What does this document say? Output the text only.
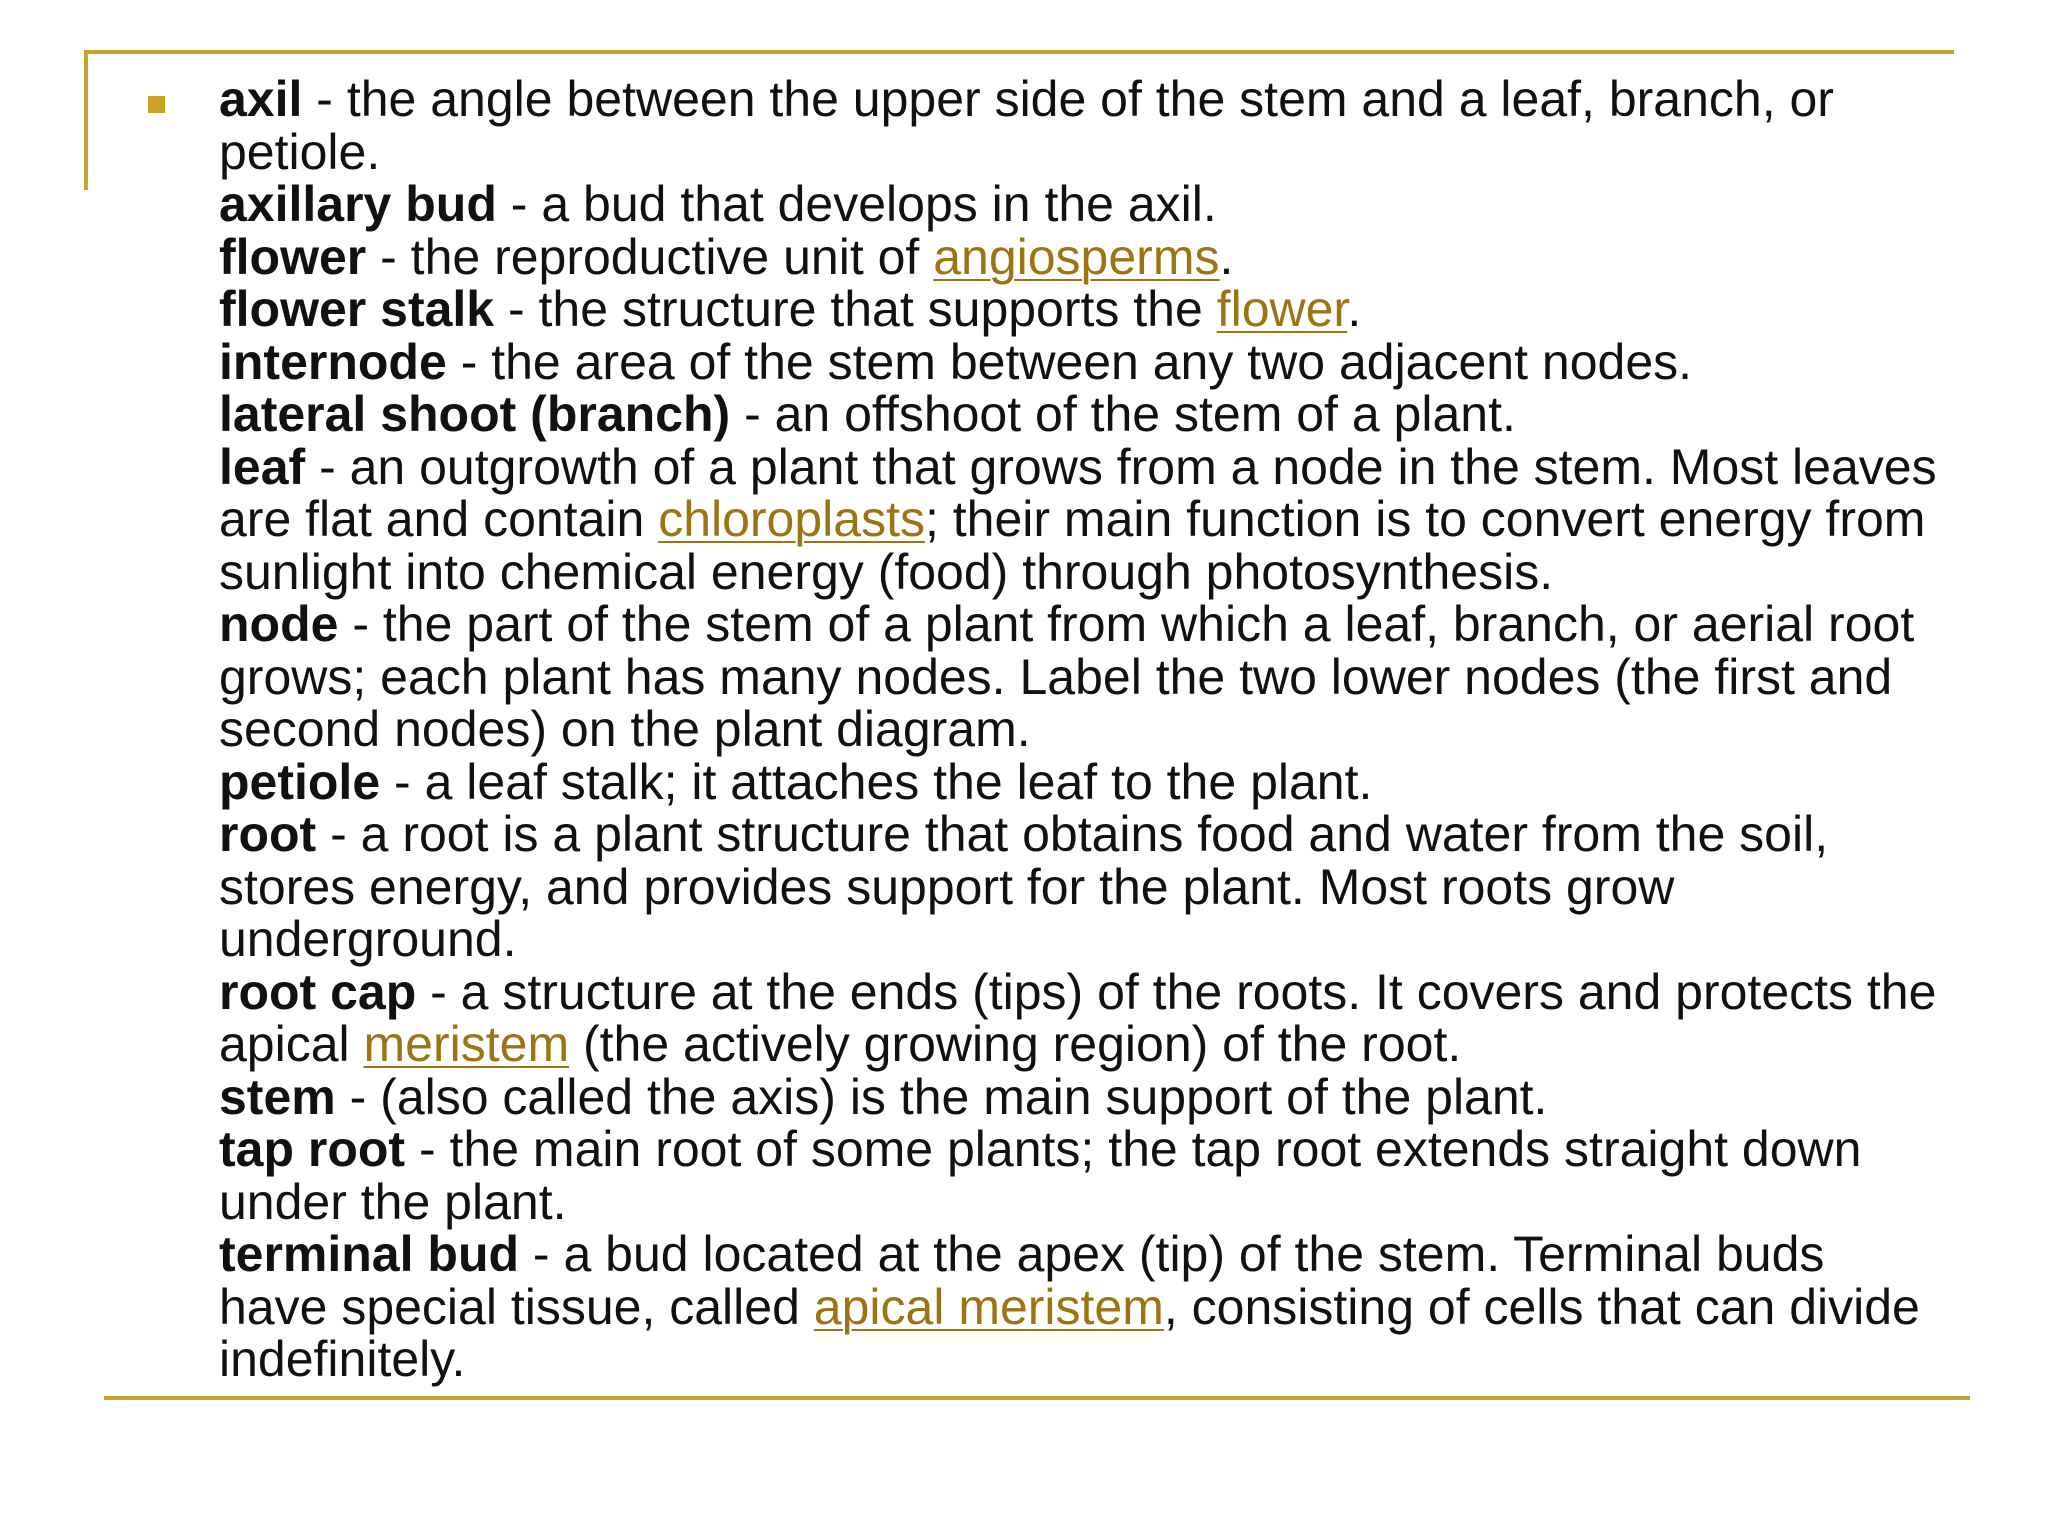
axil - the angle between the upper side of the stem and a leaf, branch, or petiole.
axillary bud - a bud that develops in the axil.
flower - the reproductive unit of angiosperms.
flower stalk - the structure that supports the flower.
internode - the area of the stem between any two adjacent nodes.
lateral shoot (branch) - an offshoot of the stem of a plant.
leaf - an outgrowth of a plant that grows from a node in the stem. Most leaves are flat and contain chloroplasts; their main function is to convert energy from sunlight into chemical energy (food) through photosynthesis.
node - the part of the stem of a plant from which a leaf, branch, or aerial root grows; each plant has many nodes. Label the two lower nodes (the first and second nodes) on the plant diagram.
petiole - a leaf stalk; it attaches the leaf to the plant.
root - a root is a plant structure that obtains food and water from the soil, stores energy, and provides support for the plant. Most roots grow underground.
root cap - a structure at the ends (tips) of the roots. It covers and protects the apical meristem (the actively growing region) of the root.
stem - (also called the axis) is the main support of the plant.
tap root - the main root of some plants; the tap root extends straight down under the plant.
terminal bud - a bud located at the apex (tip) of the stem. Terminal buds have special tissue, called apical meristem, consisting of cells that can divide indefinitely.
